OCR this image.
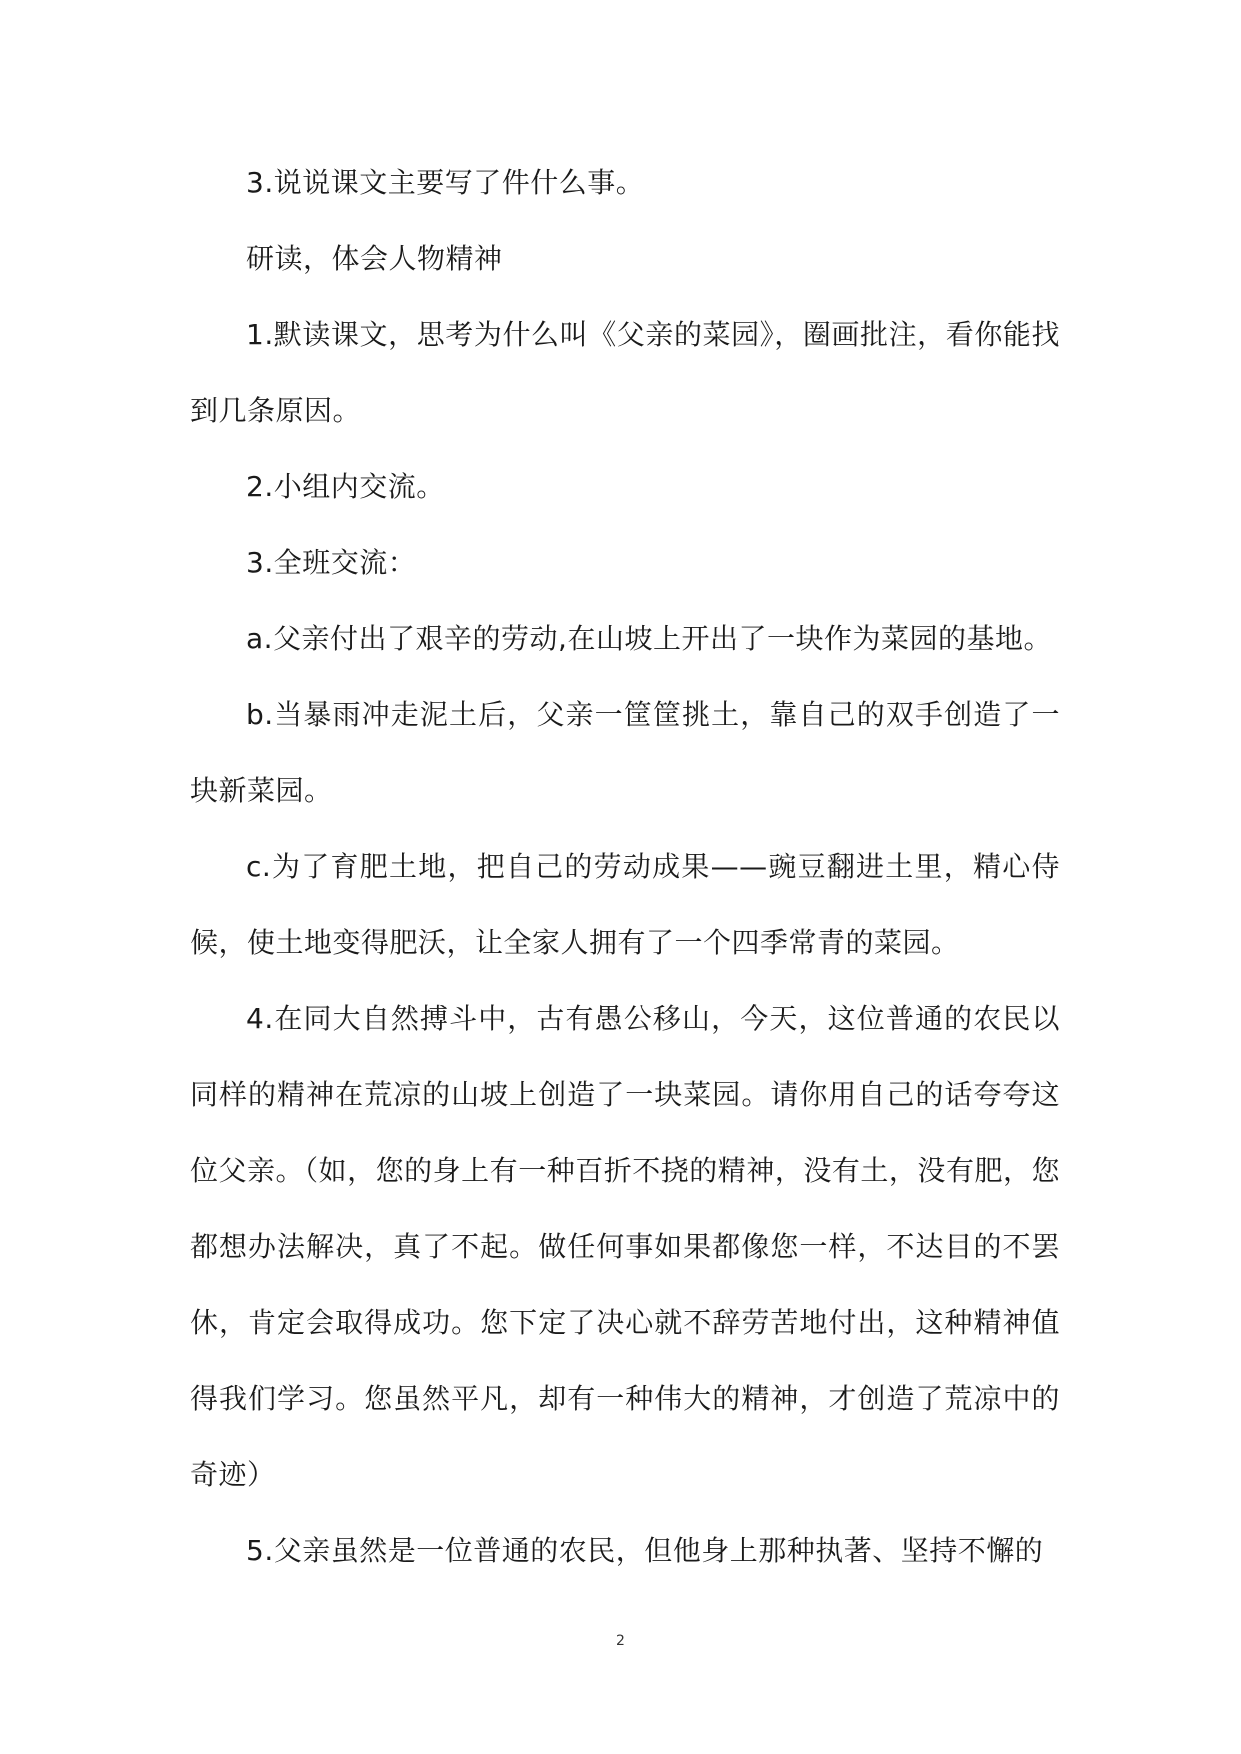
3.说说课文主要写了件什么事。

研读，体会人物精神

1.默读课文，思考为什么叫《父亲的菜园》，圈画批注，看你能找到几条原因。

2.小组内交流。

3.全班交流：

a.父亲付出了艰辛的劳动,在山坡上开出了一块作为菜园的基地。

b.当暴雨冲走泥土后，父亲一筐筐挑土，靠自己的双手创造了一块新菜园。

c.为了育肥土地，把自己的劳动成果——豌豆翻进土里，精心侍候，使土地变得肥沃，让全家人拥有了一个四季常青的菜园。

4.在同大自然搏斗中，古有愚公移山，今天，这位普通的农民以同样的精神在荒凉的山坡上创造了一块菜园。请你用自己的话夸夸这位父亲。（如，您的身上有一种百折不挠的精神，没有土，没有肥，您都想办法解决，真了不起。做任何事如果都像您一样，不达目的不罢休，肯定会取得成功。您下定了决心就不辞劳苦地付出，这种精神值得我们学习。您虽然平凡，却有一种伟大的精神，才创造了荒凉中的奇迹）

5.父亲虽然是一位普通的农民，但他身上那种执著、坚持不懈的

2
